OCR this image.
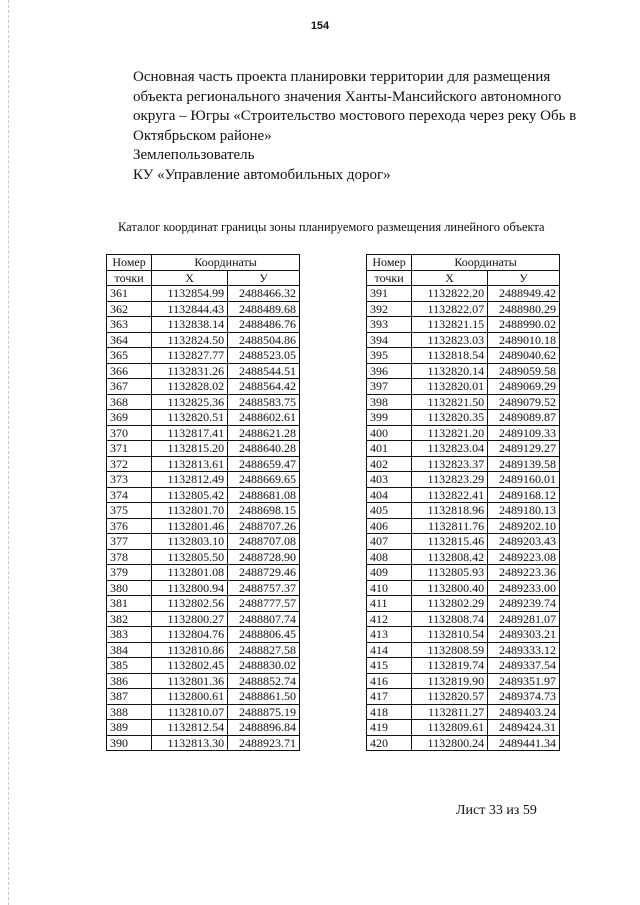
154
Основная часть проекта планировки территории для размещения
объекта регионального значения Ханты-Мансийского автономного
округа – Югры «Строительство мостового перехода через реку Обь в
Октябрьском районе»
Землепользователь
КУ «Управление автомобильных дорог»
Каталог координат границы зоны планируемого размещения линейного объекта
Номер	Координаты	
точки	X	У
361	1132854.99	2488466.32
362	1132844.43	2488489.68
363	1132838.14	2488486.76
364	1132824.50	2488504.86
365	1132827.77	2488523.05
366	1132831.26	2488544.51
367	1132828.02	2488564.42
368	1132825.36	2488583.75
369	1132820.51	2488602.61
370	1132817.41	2488621.28
371	1132815.20	2488640.28
372	1132813.61	2488659.47
373	1132812.49	2488669.65
374	1132805.42	2488681.08
375	1132801.70	2488698.15
376	1132801.46	2488707.26
377	1132803.10	2488707.08
378	1132805.50	2488728.90
379	1132801.08	2488729.46
380	1132800.94	2488757.37
381	1132802.56	2488777.57
382	1132800.27	2488807.74
383	1132804.76	2488806.45
384	1132810.86	2488827.58
385	1132802.45	2488830.02
386	1132801.36	2488852.74
387	1132800.61	2488861.50
388	1132810.07	2488875.19
389	1132812.54	2488896.84
390	1132813.30	2488923.71
Номер	Координаты	
точки	X	У
391	1132822.20	2488949.42
392	1132822.07	2488980.29
393	1132821.15	2488990.02
394	1132823.03	2489010.18
395	1132818.54	2489040.62
396	1132820.14	2489059.58
397	1132820.01	2489069.29
398	1132821.50	2489079.52
399	1132820.35	2489089.87
400	1132821.20	2489109.33
401	1132823.04	2489129.27
402	1132823.37	2489139.58
403	1132823.29	2489160.01
404	1132822.41	2489168.12
405	1132818.96	2489180.13
406	1132811.76	2489202.10
407	1132815.46	2489203.43
408	1132808.42	2489223.08
409	1132805.93	2489223.36
410	1132800.40	2489233.00
411	1132802.29	2489239.74
412	1132808.74	2489281.07
413	1132810.54	2489303.21
414	1132808.59	2489333.12
415	1132819.74	2489337.54
416	1132819.90	2489351.97
417	1132820.57	2489374.73
418	1132811.27	2489403.24
419	1132809.61	2489424.31
420	1132800.24	2489441.34
Лист 33 из 59
